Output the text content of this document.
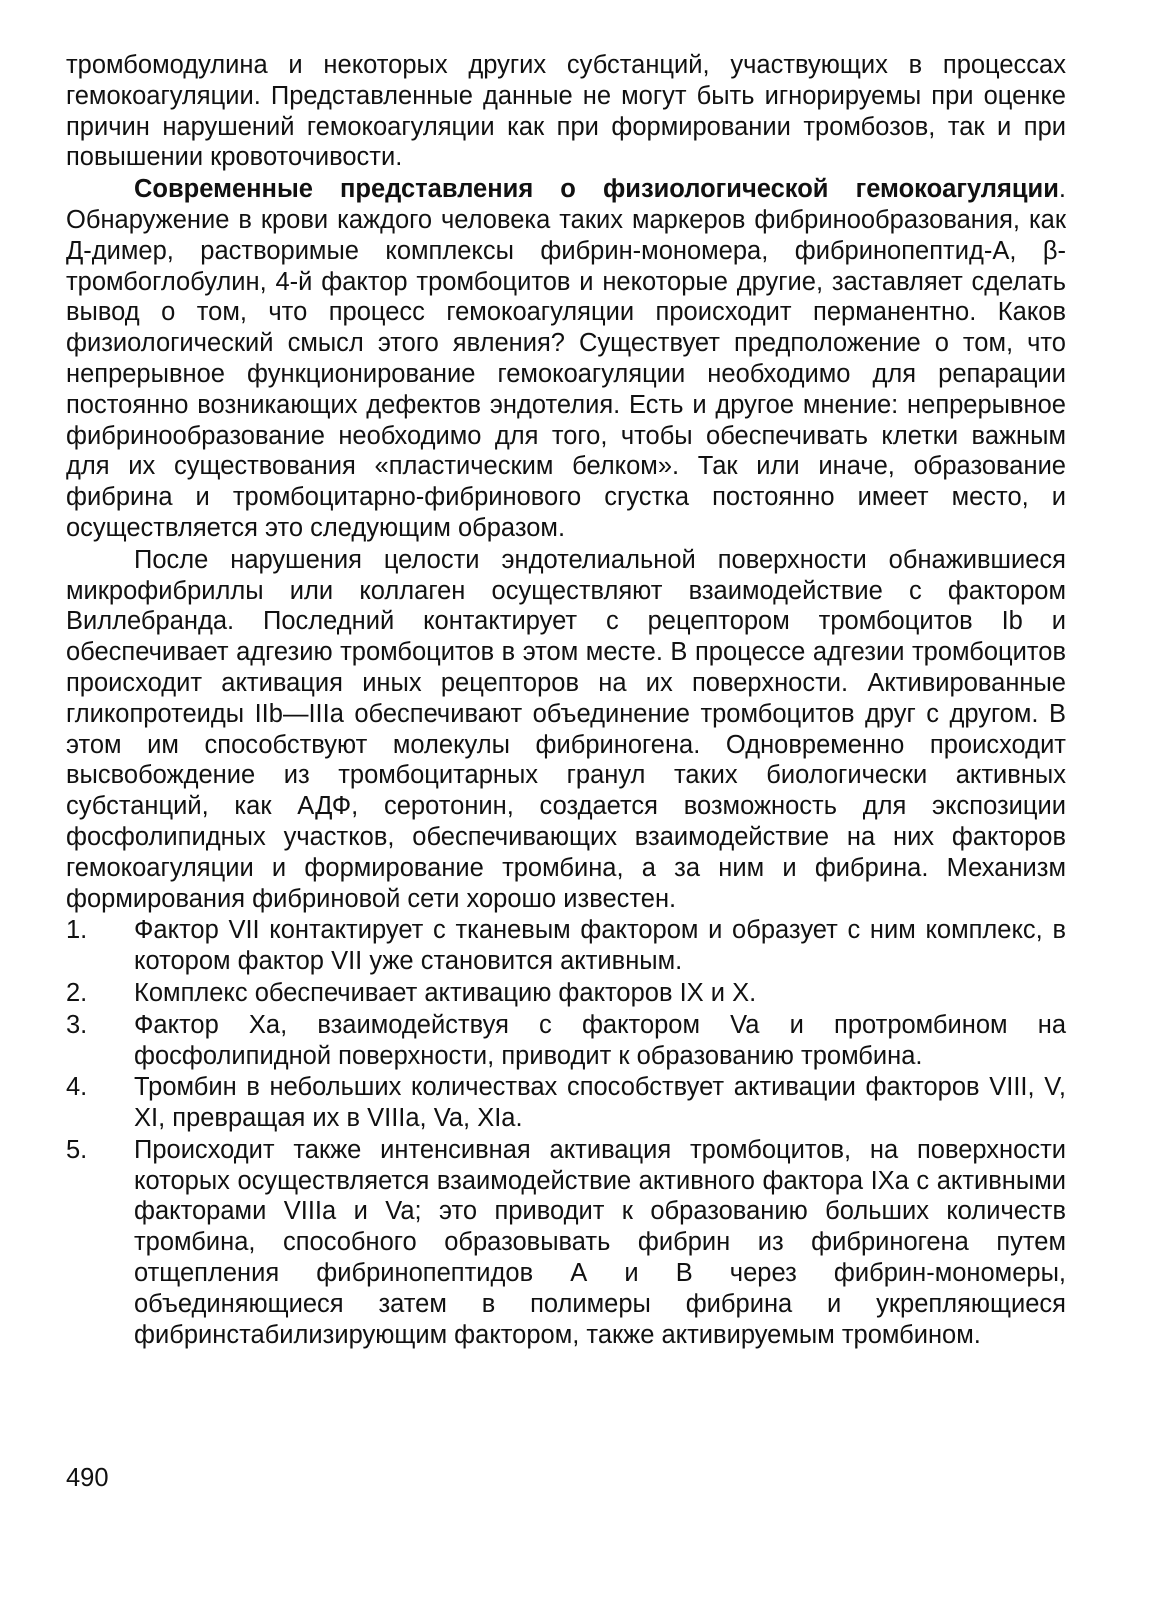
тромбомодулина и некоторых других субстанций, участвующих в процессах гемокоагуляции. Представленные данные не могут быть игнорируемы при оценке причин нарушений гемокоагуляции как при формировании тромбозов, так и при повышении кровоточивости.

Современные представления о физиологической гемокоагуляции. Обнаружение в крови каждого человека таких маркеров фибринообразования, как Д-димер, растворимые комплексы фибрин-мономера, фибринопептид-А, β-тромбоглобулин, 4-й фактор тромбоцитов и некоторые другие, заставляет сделать вывод о том, что процесс гемокоагуляции происходит перманентно. Каков физиологический смысл этого явления? Существует предположение о том, что непрерывное функционирование гемокоагуляции необходимо для репарации постоянно возникающих дефектов эндотелия. Есть и другое мнение: непрерывное фибринообразование необходимо для того, чтобы обеспечивать клетки важным для их существования «пластическим белком». Так или иначе, образование фибрина и тромбоцитарно-фибринового сгустка постоянно имеет место, и осуществляется это следующим образом.

После нарушения целости эндотелиальной поверхности обнажившиеся микрофибриллы или коллаген осуществляют взаимодействие с фактором Виллебранда. Последний контактирует с рецептором тромбоцитов Ib и обеспечивает адгезию тромбоцитов в этом месте. В процессе адгезии тромбоцитов происходит активация иных рецепторов на их поверхности. Активированные гликопротеиды IIb—IIIa обеспечивают объединение тромбоцитов друг с другом. В этом им способствуют молекулы фибриногена. Одновременно происходит высвобождение из тромбоцитарных гранул таких биологически активных субстанций, как АДФ, серотонин, создается возможность для экспозиции фосфолипидных участков, обеспечивающих взаимодействие на них факторов гемокоагуляции и формирование тромбина, а за ним и фибрина. Механизм формирования фибриновой сети хорошо известен.

1.	Фактор VII контактирует с тканевым фактором и образует с ним комплекс, в котором фактор VII уже становится активным.
2.	Комплекс обеспечивает активацию факторов IX и X.
3.	Фактор Xa, взаимодействуя с фактором Va и протромбином на фосфолипидной поверхности, приводит к образованию тромбина.
4.	Тромбин в небольших количествах способствует активации факторов VIII, V, XI, превращая их в VIIIa, Va, XIa.
5.	Происходит также интенсивная активация тромбоцитов, на поверхности которых осуществляется взаимодействие активного фактора IXa с активными факторами VIIIa и Va; это приводит к образованию больших количеств тромбина, способного образовывать фибрин из фибриногена путем отщепления фибринопептидов А и В через фибрин-мономеры, объединяющиеся затем в полимеры фибрина и укрепляющиеся фибринстабилизирующим фактором, также активируемым тромбином.
490
